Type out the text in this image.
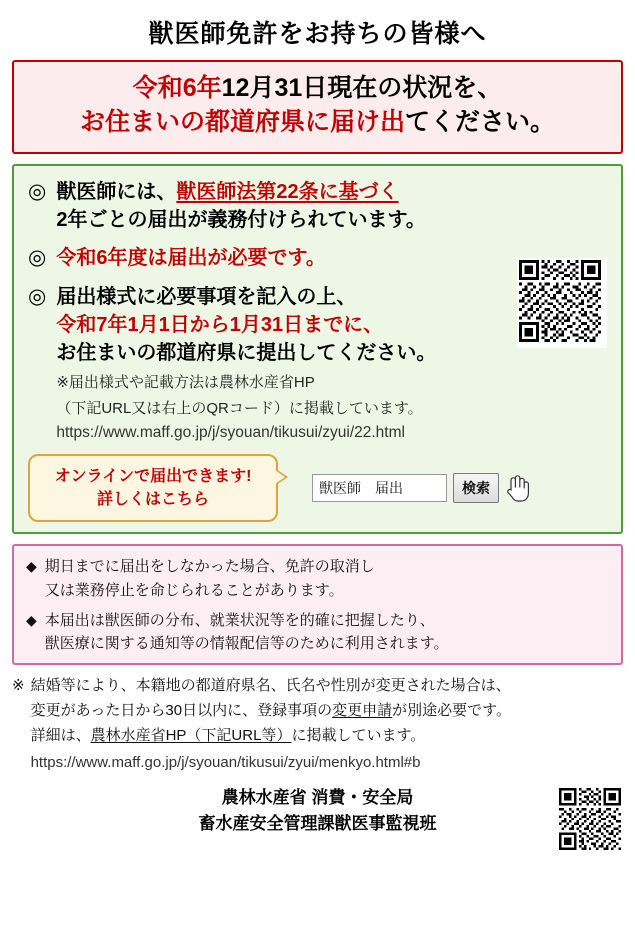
獣医師免許をお持ちの皆様へ
令和6年12月31日現在の状況を、
お住まいの都道府県に届け出てください。
◎ 獣医師には、獣医師法第22条に基づく
2年ごとの届出が義務付けられています。
◎ 令和6年度は届出が必要です。
◎ 届出様式に必要事項を記入の上、
令和7年1月1日から1月31日までに、
お住まいの都道府県に提出してください。
※届出様式や記載方法は農林水産省HP
（下記URL又は右上のQRコード）に掲載しています。
https://www.maff.go.jp/j/syouan/tikusui/zyui/22.html
オンラインで届出できます!
詳しくはこちら
獣医師　届出
検索
◆ 期日までに届出をしなかった場合、免許の取消し
又は業務停止を命じられることがあります。
◆ 本届出は獣医師の分布、就業状況等を的確に把握したり、
獣医療に関する通知等の情報配信等のために利用されます。
※ 結婚等により、本籍地の都道府県名、氏名や性別が変更された場合は、
変更があった日から30日以内に、登録事項の変更申請が別途必要です。
詳細は、農林水産省HP（下記URL等）に掲載しています。
https://www.maff.go.jp/j/syouan/tikusui/zyui/menkyo.html#b
農林水産省 消費・安全局
畜水産安全管理課獣医事監視班
